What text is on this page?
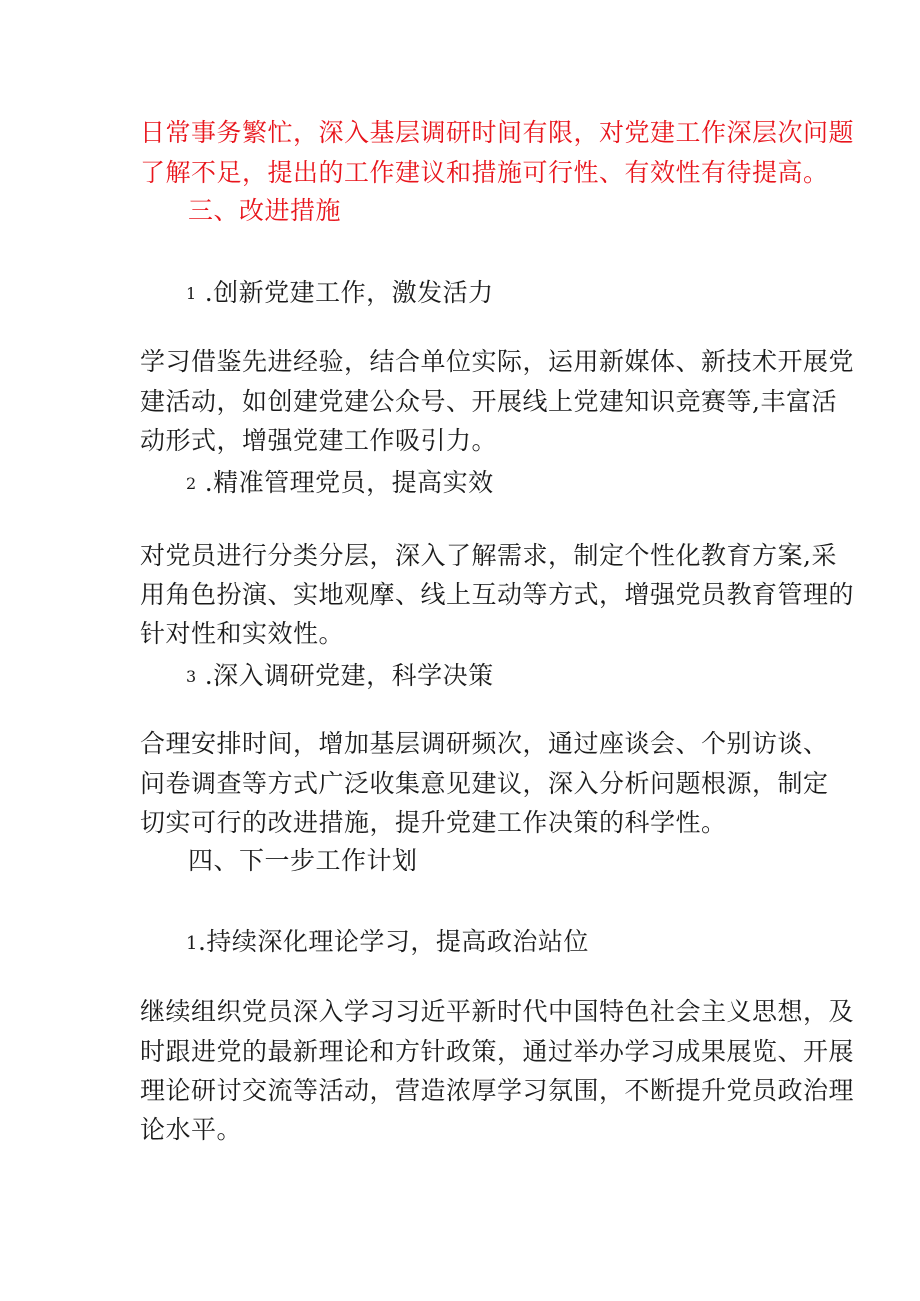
日常事务繁忙，深入基层调研时间有限，对党建工作深层次问题
了解不足，提出的工作建议和措施可行性、有效性有待提高。
三、改进措施
1 .创新党建工作，激发活力
学习借鉴先进经验，结合单位实际，运用新媒体、新技术开展党
建活动，如创建党建公众号、开展线上党建知识竞赛等,丰富活
动形式，增强党建工作吸引力。
2 .精准管理党员，提高实效
对党员进行分类分层，深入了解需求，制定个性化教育方案,采
用角色扮演、实地观摩、线上互动等方式，增强党员教育管理的
针对性和实效性。
3 .深入调研党建，科学决策
合理安排时间，增加基层调研频次，通过座谈会、个别访谈、
问卷调查等方式广泛收集意见建议，深入分析问题根源，制定
切实可行的改进措施，提升党建工作决策的科学性。
四、下一步工作计划
1.持续深化理论学习，提高政治站位
继续组织党员深入学习习近平新时代中国特色社会主义思想，及
时跟进党的最新理论和方针政策，通过举办学习成果展览、开展
理论研讨交流等活动，营造浓厚学习氛围，不断提升党员政治理
论水平。
